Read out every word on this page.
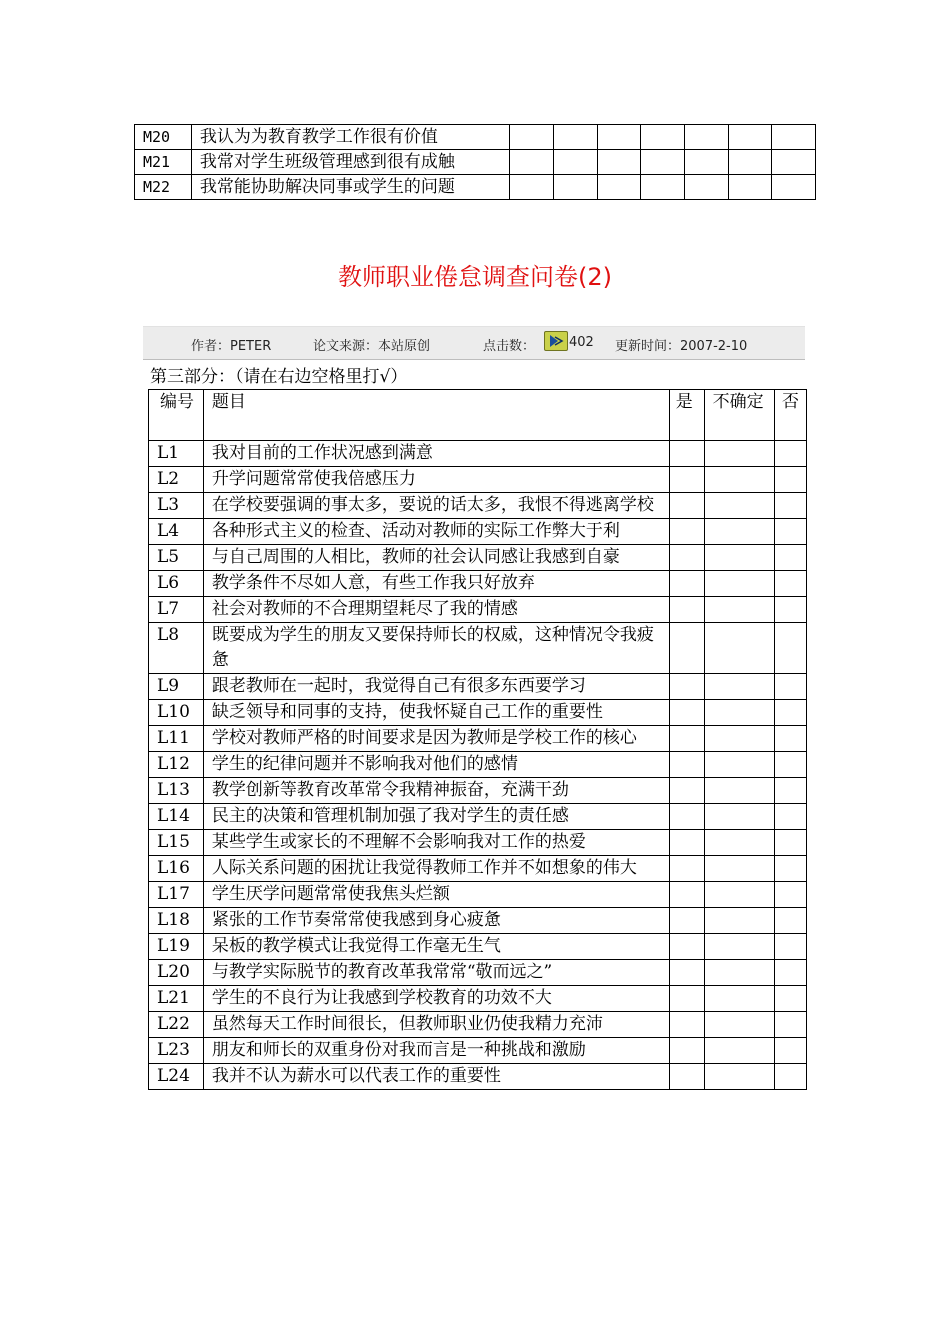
M20	我认为为教育教学工作很有价值							
M21	我常对学生班级管理感到很有成触							
M22	我常能协助解决同事或学生的问题							
教师职业倦怠调查问卷(2)
作者：PETER	论文来源：本站原创	点击数：	402 更新时间：2007-2-10
第三部分：（请在右边空格里打√）
编号	题目	是	不确定	否
L1	我对目前的工作状况感到满意			
L2	升学问题常常使我倍感压力			
L3	在学校要强调的事太多，要说的话太多，我恨不得逃离学校			
L4	各种形式主义的检查、活动对教师的实际工作弊大于利			
L5	与自己周围的人相比，教师的社会认同感让我感到自豪			
L6	教学条件不尽如人意，有些工作我只好放弃			
L7	社会对教师的不合理期望耗尽了我的情感			
L8	既要成为学生的朋友又要保持师长的权威，这种情况令我疲惫			
L9	跟老教师在一起时，我觉得自己有很多东西要学习			
L10	缺乏领导和同事的支持，使我怀疑自己工作的重要性			
L11	学校对教师严格的时间要求是因为教师是学校工作的核心			
L12	学生的纪律问题并不影响我对他们的感情			
L13	教学创新等教育改革常令我精神振奋，充满干劲			
L14	民主的决策和管理机制加强了我对学生的责任感			
L15	某些学生或家长的不理解不会影响我对工作的热爱			
L16	人际关系问题的困扰让我觉得教师工作并不如想象的伟大			
L17	学生厌学问题常常使我焦头烂额			
L18	紧张的工作节奏常常使我感到身心疲惫			
L19	呆板的教学模式让我觉得工作毫无生气			
L20	与教学实际脱节的教育改革我常常“敬而远之”			
L21	学生的不良行为让我感到学校教育的功效不大			
L22	虽然每天工作时间很长，但教师职业仍使我精力充沛			
L23	朋友和师长的双重身份对我而言是一种挑战和激励			
L24	我并不认为薪水可以代表工作的重要性			
